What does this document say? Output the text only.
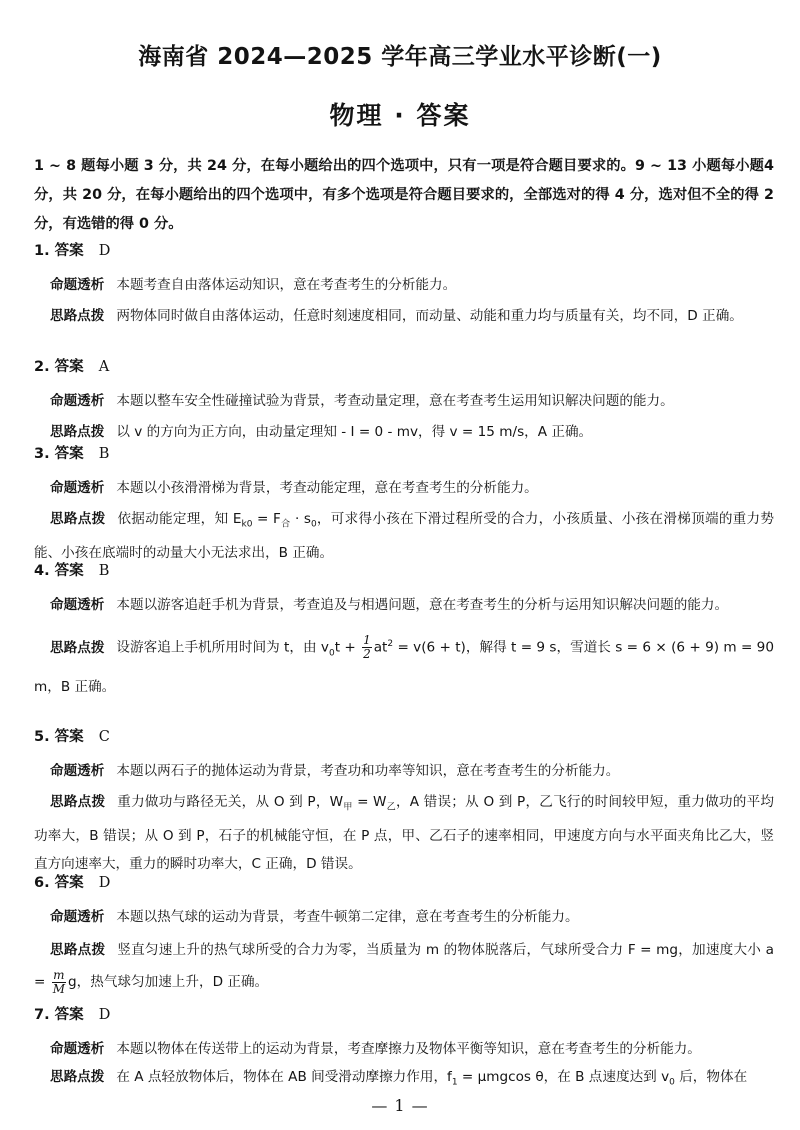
海南省 2024—2025 学年高三学业水平诊断(一)
物理 · 答案
1 ~ 8 题每小题 3 分，共 24 分，在每小题给出的四个选项中，只有一项是符合题目要求的。9 ~ 13 小题每小题4 分，共 20 分，在每小题给出的四个选项中，有多个选项是符合题目要求的，全部选对的得 4 分，选对但不全的得 2 分，有选错的得 0 分。
1. 答案 D
命题透析 本题考查自由落体运动知识，意在考查考生的分析能力。
思路点拨 两物体同时做自由落体运动，任意时刻速度相同，而动量、动能和重力均与质量有关，均不同，D 正确。
2. 答案 A
命题透析 本题以整车安全性碰撞试验为背景，考查动量定理，意在考查考生运用知识解决问题的能力。
思路点拨 以 v 的方向为正方向，由动量定理知 - I = 0 - mv，得 v = 15 m/s，A 正确。
3. 答案 B
命题透析 本题以小孩滑滑梯为背景，考查动能定理，意在考查考生的分析能力。
思路点拨 依据动能定理，知 $E_{k0} = F_合 \cdot s_0$，可求得小孩在下滑过程所受的合力，小孩质量、小孩在滑梯顶端的重力势能、小孩在底端时的动量大小无法求出，B 正确。
4. 答案 B
命题透析 本题以游客追赶手机为背景，考查追及与相遇问题，意在考查考生的分析与运用知识解决问题的能力。
思路点拨 设游客追上手机所用时间为 t，由 $v_0t + \frac{1}{2} at^2 = v(6 + t)$，解得 t = 9 s，雪道长 s = 6 × (6 + 9) m = 90 m，B 正确。
5. 答案 C
命题透析 本题以两石子的抛体运动为背景，考查功和功率等知识，意在考查考生的分析能力。
思路点拨 重力做功与路径无关，从 O 到 P，$W_甲 = W_乙$，A 错误；从 O 到 P，乙飞行的时间较甲短，重力做功的平均功率大，B 错误；从 O 到 P，石子的机械能守恒，在 P 点，甲、乙石子的速率相同，甲速度方向与水平面夹角比乙大，竖直方向速率大，重力的瞬时功率大，C 正确，D 错误。
6. 答案 D
命题透析 本题以热气球的运动为背景，考查牛顿第二定律，意在考查考生的分析能力。
思路点拨 竖直匀速上升的热气球所受的合力为零，当质量为 m 的物体脱落后，气球所受合力 F = mg，加速度大小 $a = \frac{m}{M}$ g，热气球匀加速上升，D 正确。
7. 答案 D
命题透析 本题以物体在传送带上的运动为背景，考查摩擦力及物体平衡等知识，意在考查考生的分析能力。
思路点拨 在 A 点轻放物体后，物体在 AB 间受滑动摩擦力作用，$f_1 = \mu mgcos$ θ，在 B 点速度达到 $v_0$ 后，物体在
— 1 —
